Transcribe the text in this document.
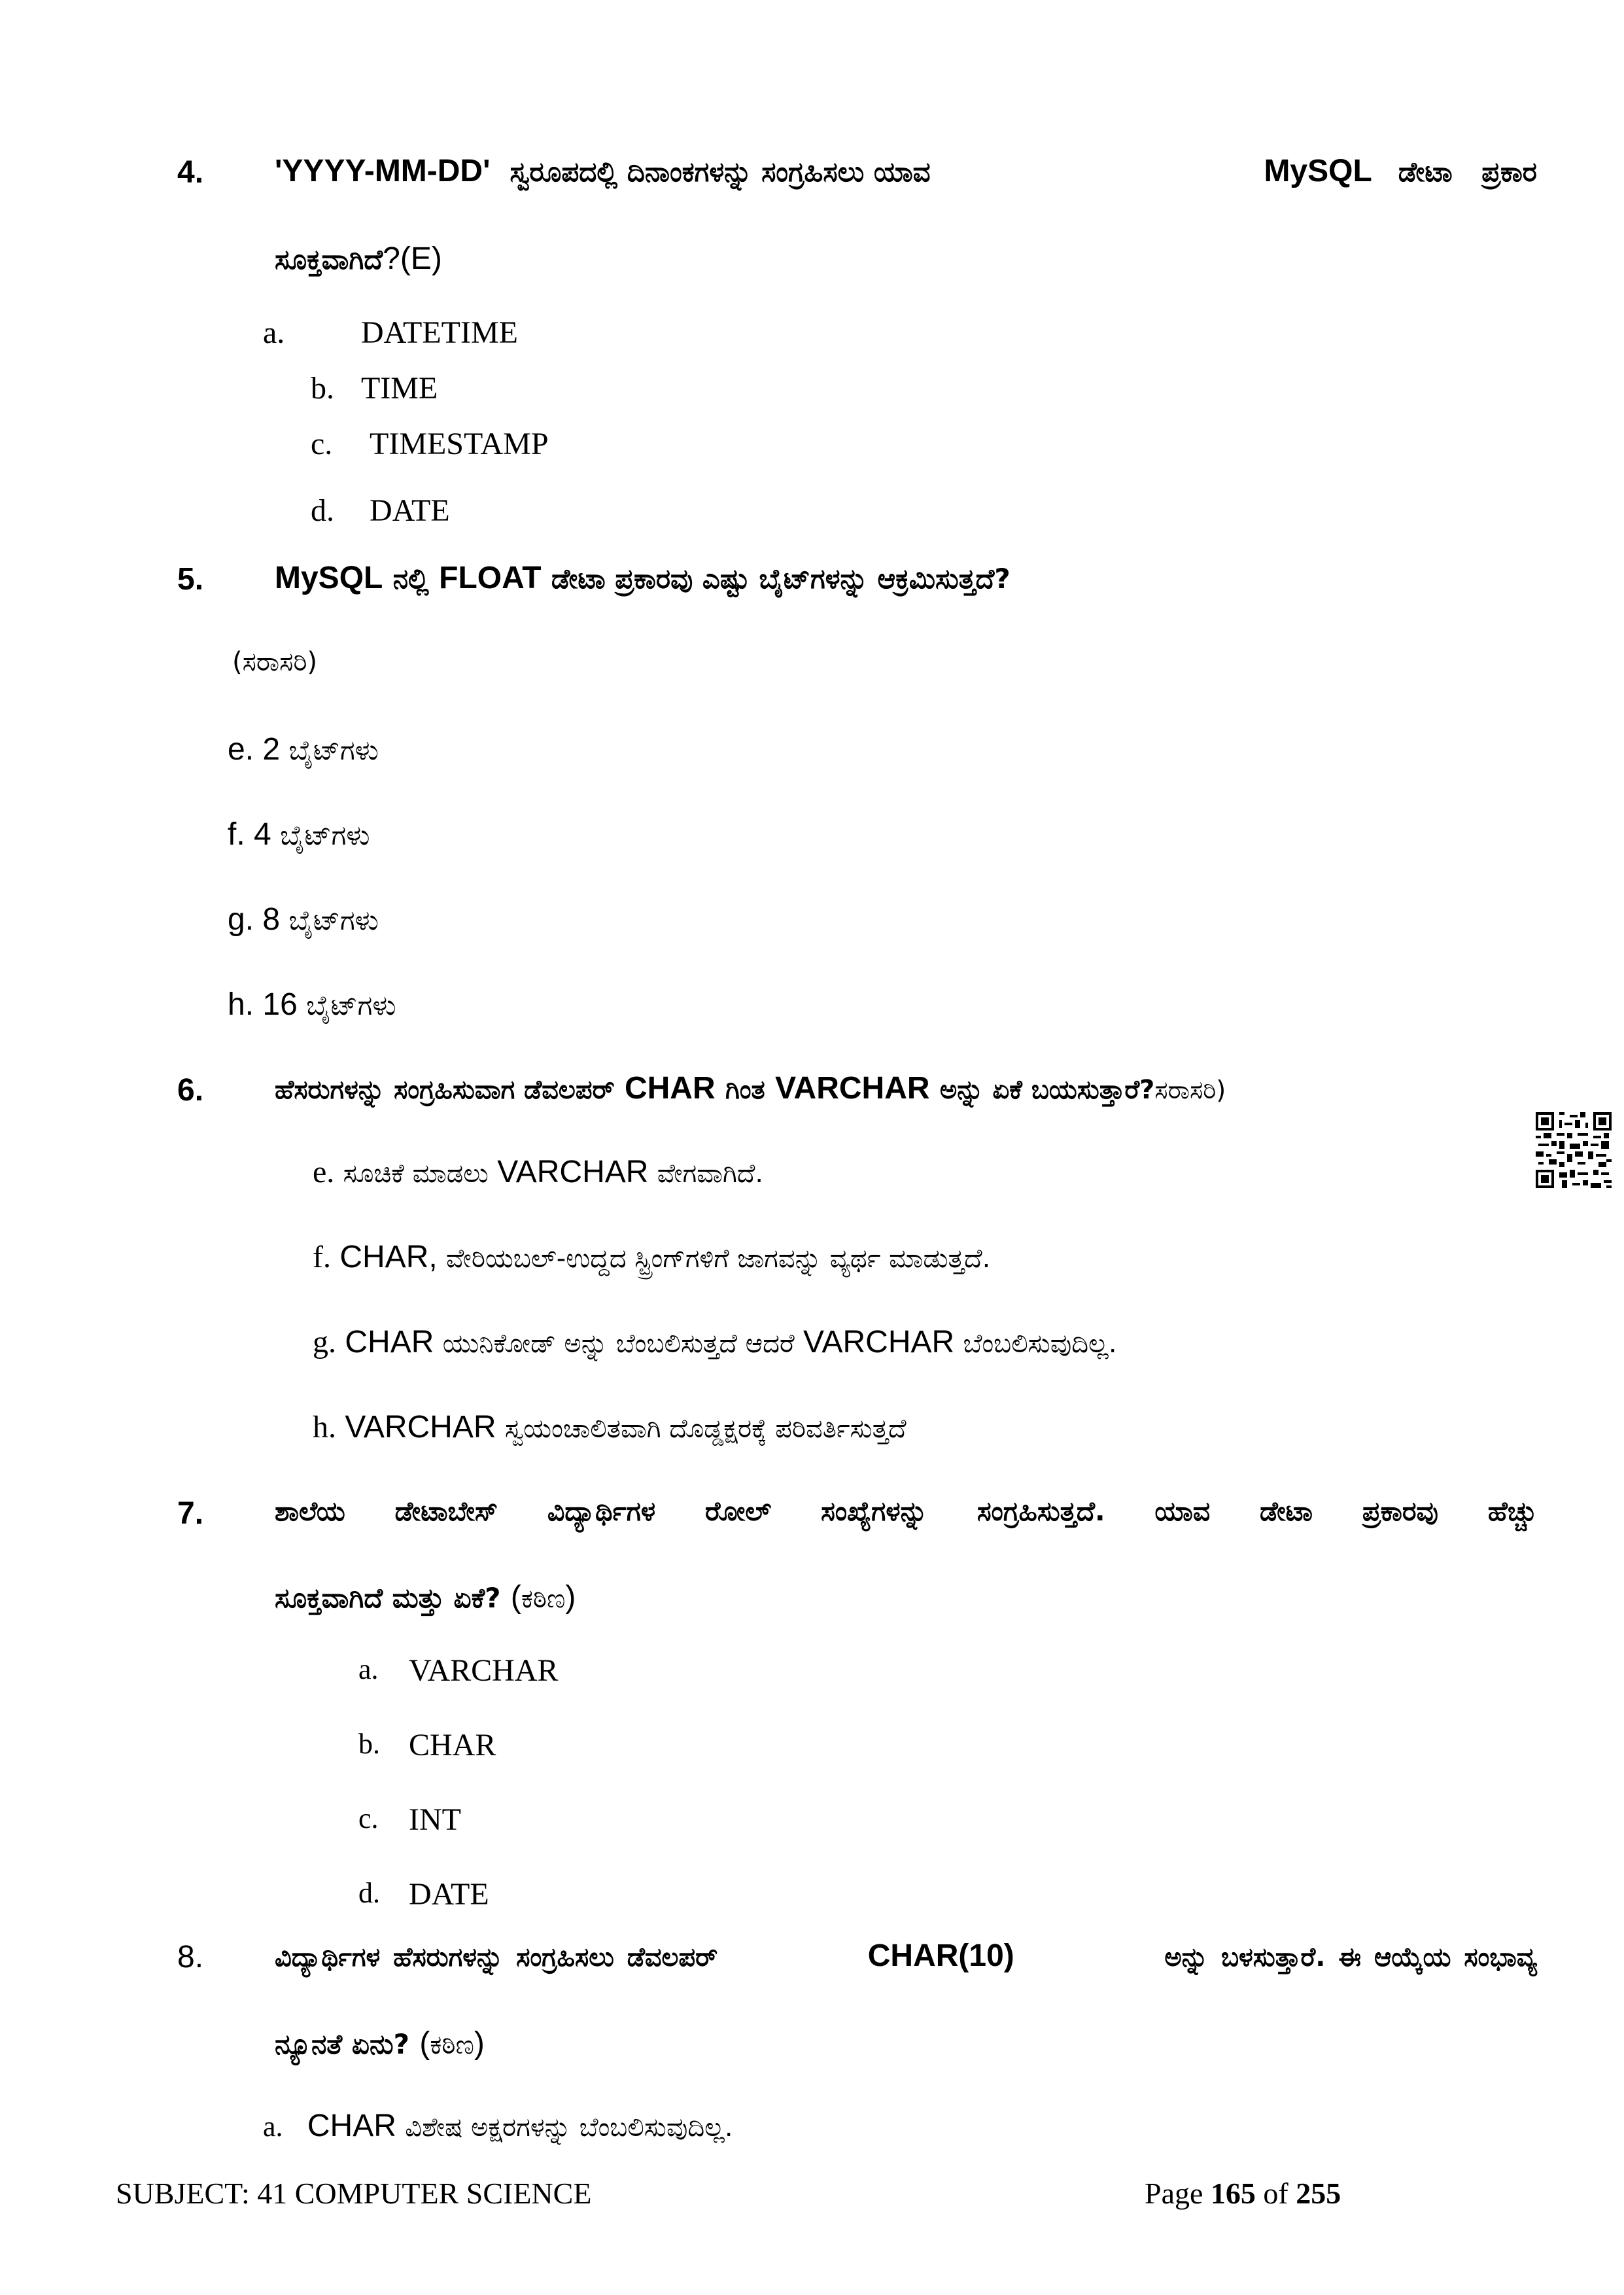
4. 'YYYY-MM-DD' ಸ್ವರೂಪದಲ್ಲಿ ದಿನಾಂಕಗಳನ್ನು ಸಂಗ್ರಹಿಸಲು ಯಾವ	MySQL ಡೇಟಾ ಪ್ರಕಾರ
ಸೂಕ್ತವಾಗಿದೆ?(E)
a. DATETIME
b. TIME
c. TIMESTAMP
d. DATE
5. MySQL ನಲ್ಲಿ FLOAT ಡೇಟಾ ಪ್ರಕಾರವು ಎಷ್ಟು ಬೈಟ್‌ಗಳನ್ನು ಆಕ್ರಮಿಸುತ್ತದೆ?
(ಸರಾಸರಿ)
e. 2 ಬೈಟ್‌ಗಳು
f. 4 ಬೈಟ್‌ಗಳು
g. 8 ಬೈಟ್‌ಗಳು
h. 16 ಬೈಟ್‌ಗಳು
6.	ಹೆಸರುಗಳನ್ನು ಸಂಗ್ರಹಿಸುವಾಗ ಡೆವಲಪರ್ CHAR ಗಿಂತ VARCHAR ಅನ್ನು ಏಕೆ ಬಯಸುತ್ತಾರೆ?ಸರಾಸರಿ)
e. ಸೂಚಿಕೆ ಮಾಡಲು VARCHAR ವೇಗವಾಗಿದೆ.
f. CHAR, ವೇರಿಯಬಲ್-ಉದ್ದದ ಸ್ಟ್ರಿಂಗ್‌ಗಳಿಗೆ ಜಾಗವನ್ನು ವ್ಯರ್ಥ ಮಾಡುತ್ತದೆ.
g. CHAR ಯುನಿಕೋಡ್ ಅನ್ನು ಬೆಂಬಲಿಸುತ್ತದೆ ಆದರೆ VARCHAR ಬೆಂಬಲಿಸುವುದಿಲ್ಲ.
h. VARCHAR ಸ್ವಯಂಚಾಲಿತವಾಗಿ ದೊಡ್ಡಕ್ಷರಕ್ಕೆ ಪರಿವರ್ತಿಸುತ್ತದೆ
7.	ಶಾಲೆಯ ಡೇಟಾಬೇಸ್ ವಿದ್ಯಾರ್ಥಿಗಳ ರೋಲ್ ಸಂಖ್ಯೆಗಳನ್ನು ಸಂಗ್ರಹಿಸುತ್ತದೆ. ಯಾವ ಡೇಟಾ ಪ್ರಕಾರವು ಹೆಚ್ಚು
ಸೂಕ್ತವಾಗಿದೆ ಮತ್ತು ಏಕೆ? (ಕಠಿಣ)
a. VARCHAR
b. CHAR
c. INT
d. DATE
8.	ವಿದ್ಯಾರ್ಥಿಗಳ ಹೆಸರುಗಳನ್ನು ಸಂಗ್ರಹಿಸಲು ಡೆವಲಪರ್	CHAR(10)	ಅನ್ನು ಬಳಸುತ್ತಾರೆ. ಈ ಆಯ್ಕೆಯ ಸಂಭಾವ್ಯ
ನ್ಯೂನತೆ ಏನು? (ಕಠಿಣ)
a. CHAR ವಿಶೇಷ ಅಕ್ಷರಗಳನ್ನು ಬೆಂಬಲಿಸುವುದಿಲ್ಲ.
SUBJECT: 41 COMPUTER SCIENCE	Page 165 of 255
